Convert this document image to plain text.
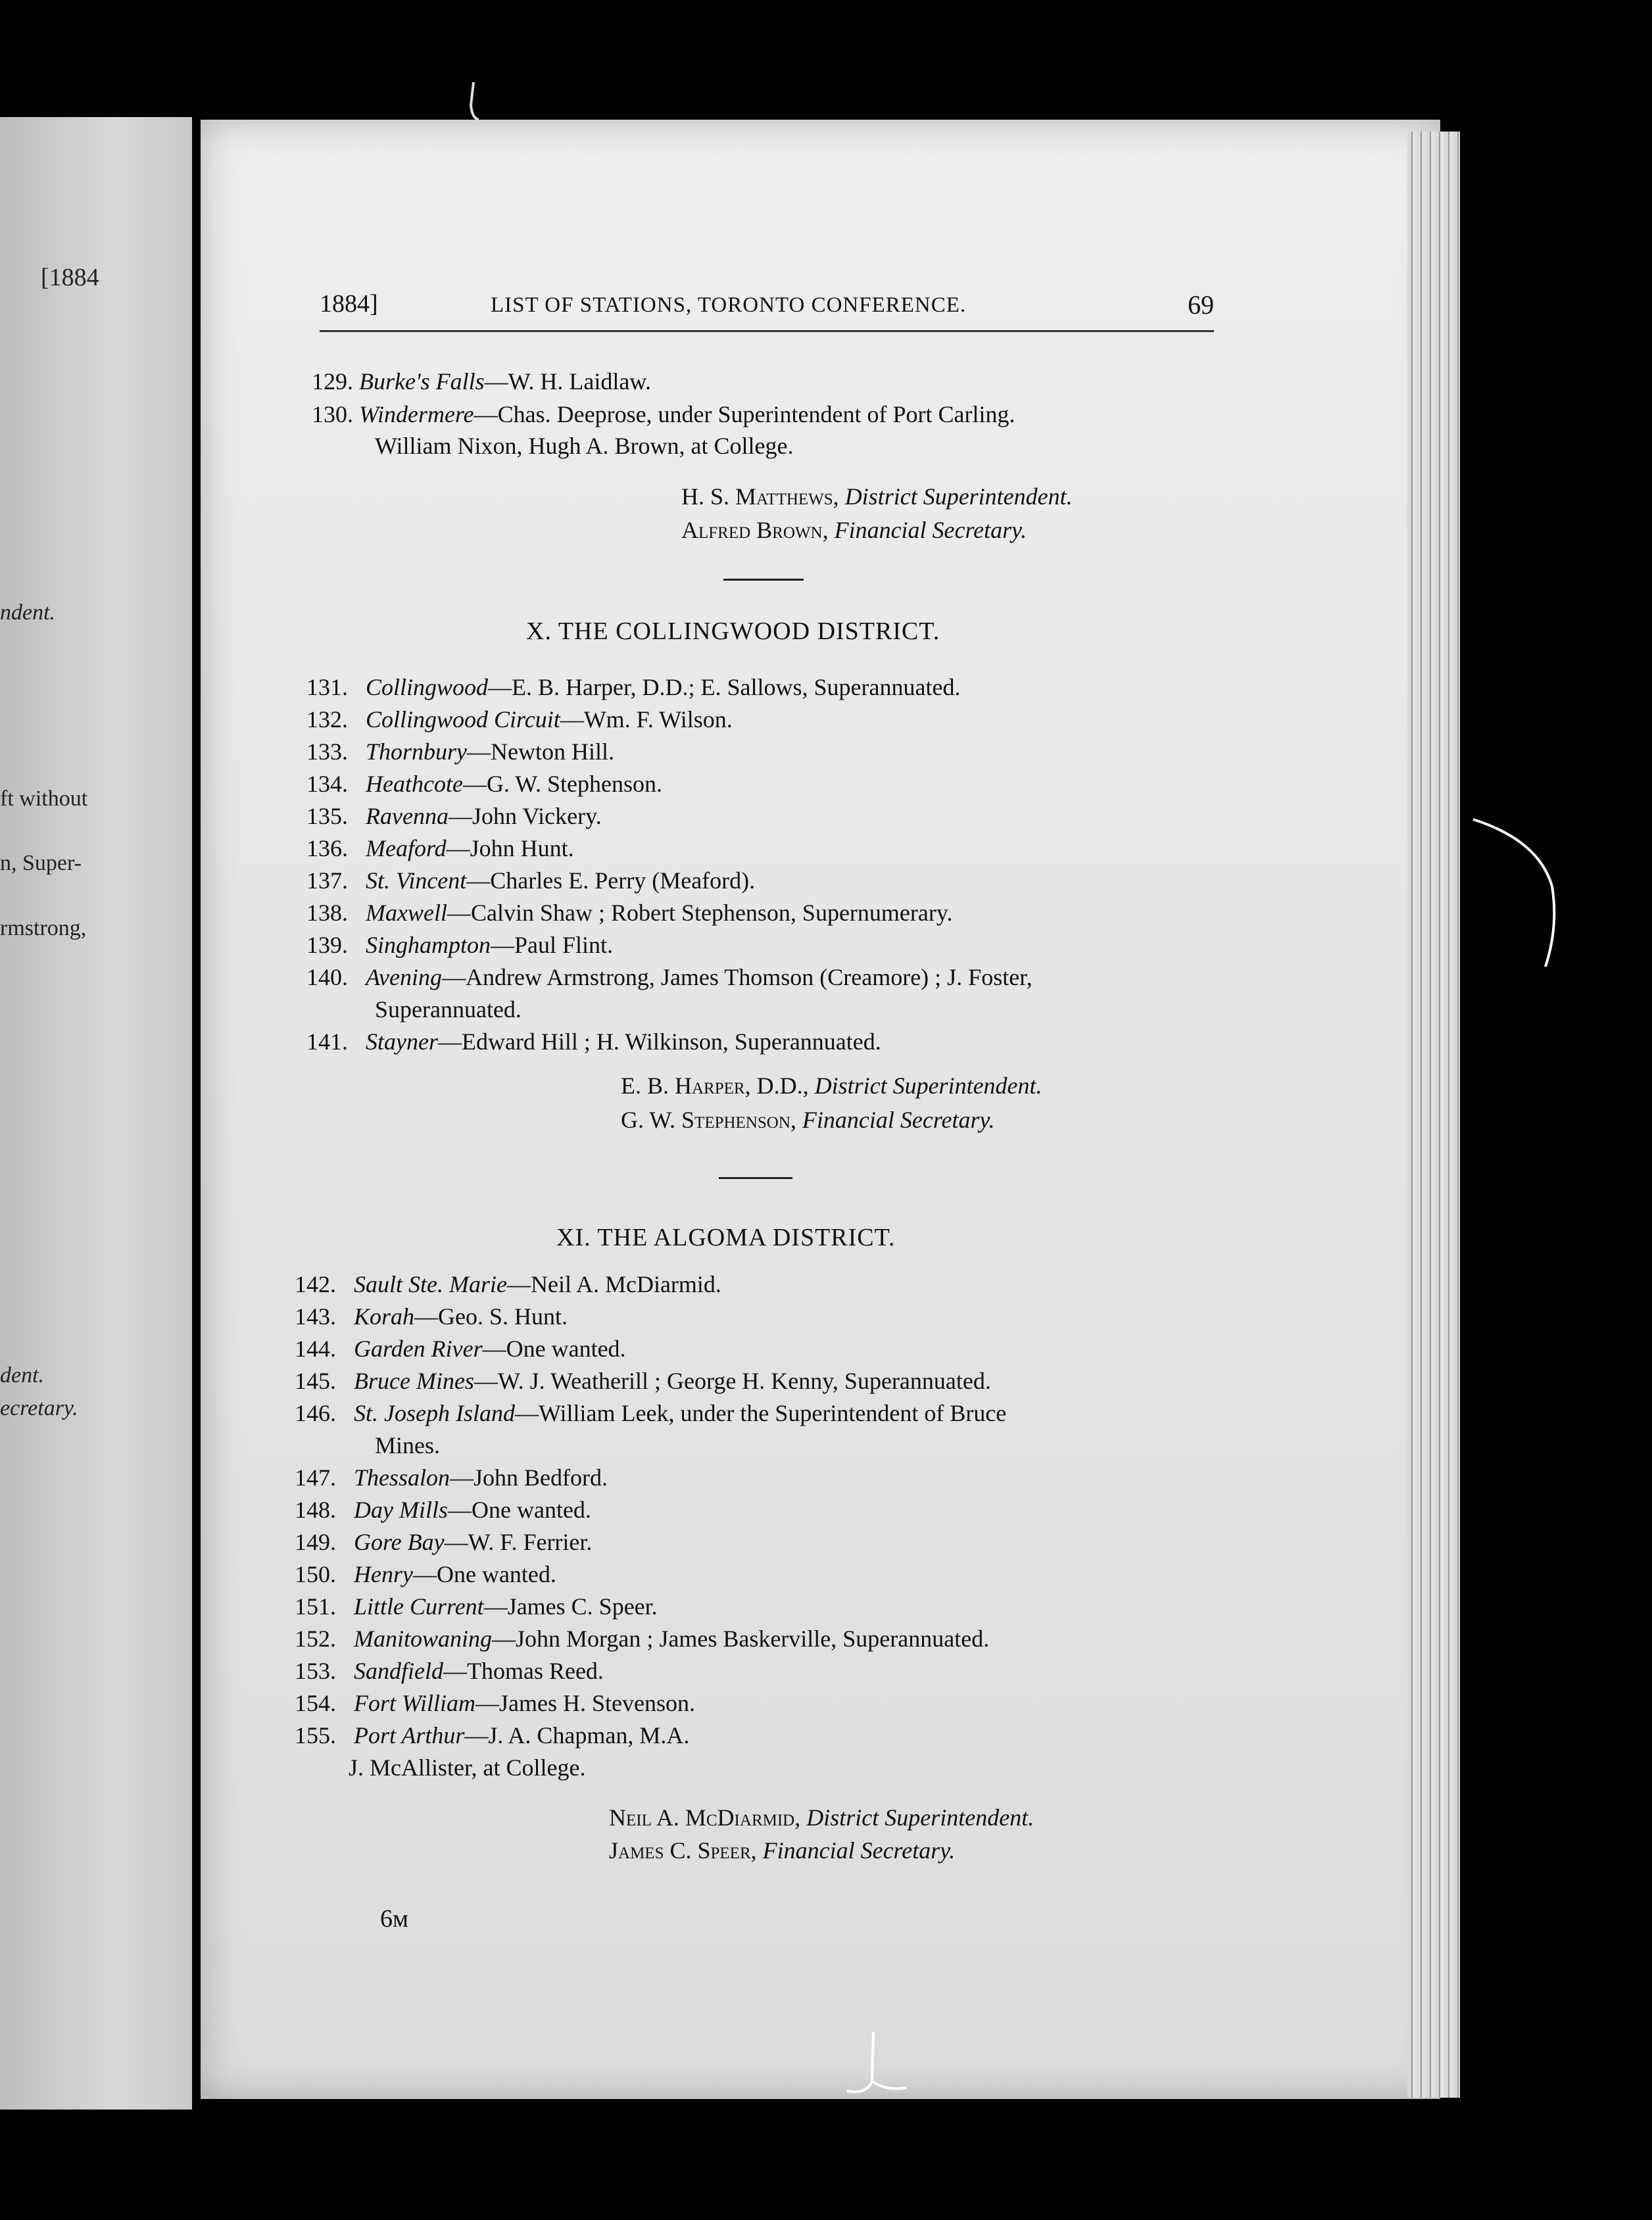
[1884
ndent.
ft without
n, Super-
rmstrong,
dent.
ecretary.
1884]	LIST OF STATIONS, TORONTO CONFERENCE.	69
129. Burke's Falls—W. H. Laidlaw.
130. Windermere—Chas. Deeprose, under Superintendent of Port Carling.
William Nixon, Hugh A. Brown, at College.
H. S. Matthews, District Superintendent.
Alfred Brown, Financial Secretary.
X. THE COLLINGWOOD DISTRICT.
131. Collingwood—E. B. Harper, D.D.; E. Sallows, Superannuated.
132. Collingwood Circuit—Wm. F. Wilson.
133. Thornbury—Newton Hill.
134. Heathcote—G. W. Stephenson.
135. Ravenna—John Vickery.
136. Meaford—John Hunt.
137. St. Vincent—Charles E. Perry (Meaford).
138. Maxwell—Calvin Shaw ; Robert Stephenson, Supernumerary.
139. Singhampton—Paul Flint.
140. Avening—Andrew Armstrong, James Thomson (Creamore) ; J. Foster,
Superannuated.
141. Stayner—Edward Hill ; H. Wilkinson, Superannuated.
E. B. Harper, D.D., District Superintendent.
G. W. Stephenson, Financial Secretary.
XI. THE ALGOMA DISTRICT.
142. Sault Ste. Marie—Neil A. McDiarmid.
143. Korah—Geo. S. Hunt.
144. Garden River—One wanted.
145. Bruce Mines—W. J. Weatherill ; George H. Kenny, Superannuated.
146. St. Joseph Island—William Leek, under the Superintendent of Bruce
Mines.
147. Thessalon—John Bedford.
148. Day Mills—One wanted.
149. Gore Bay—W. F. Ferrier.
150. Henry—One wanted.
151. Little Current—James C. Speer.
152. Manitowaning—John Morgan ; James Baskerville, Superannuated.
153. Sandfield—Thomas Reed.
154. Fort William—James H. Stevenson.
155. Port Arthur—J. A. Chapman, M.A.
J. McAllister, at College.
Neil A. McDiarmid, District Superintendent.
James C. Speer, Financial Secretary.
6м
